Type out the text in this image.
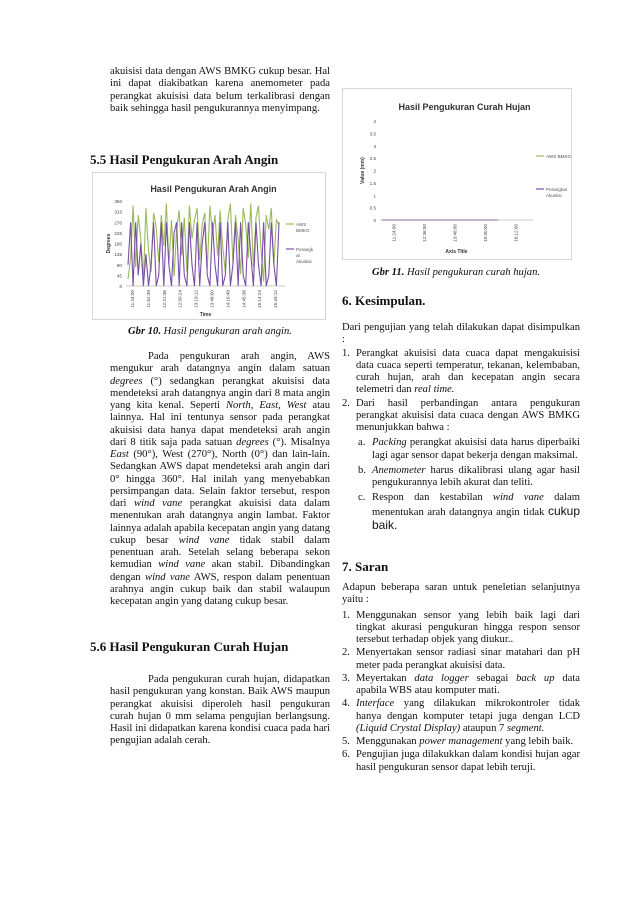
akuisisi data dengan AWS BMKG cukup besar. Hal ini dapat diakibatkan karena anemometer pada perangkat akuisisi data belum terkalibrasi dengan baik sehingga hasil pengukurannya menyimpang.

5.5 Hasil Pengukuran Arah Angin
Hasil Pengukuran Arah Angin
0
45
90
135
180
225
270
315
360
11:24:00 11:52:48 12:21:36 12:50:24 13:19:12 13:48:00 14:16:48 14:45:36 15:14:24 15:43:12
Time
Degrees
AWS
BMKG
Perangk
at
Akuisisi
Gbr 10. Hasil pengukuran arah angin.

Pada pengukuran arah angin, AWS mengukur arah datangnya angin dalam satuan degrees (°) sedangkan perangkat akuisisi data mendeteksi arah datangnya angin dari 8 mata angin yang kita kenal. Seperti North, East, West atau lainnya. Hal ini tentunya sensor pada perangkat akuisisi data hanya dapat mendeteksi arah angin dari 8 titik saja pada satuan degrees (°). Misalnya East (90°), West (270°), North (0°) dan lain-lain. Sedangkan AWS dapat mendeteksi arah angin dari 0° hingga 360°. Hal inilah yang menyebabkan persimpangan data. Selain faktor tersebut, respon dari wind vane perangkat akuisisi data dalam menentukan arah datangnya angin lambat. Faktor lainnya adalah apabila kecepatan angin yang datang cukup besar wind vane tidak stabil dalam penentuan arah. Setelah selang beberapa sekon kemudian wind vane akan stabil. Dibandingkan dengan wind vane AWS, respon dalam penentuan arahnya angin cukup baik dan stabil walaupun kecepatan angin yang datang cukup besar.

5.6 Hasil Pengukuran Curah Hujan

Pada pengukuran curah hujan, didapatkan hasil pengukuran yang konstan. Baik AWS maupun perangkat akuisisi diperoleh hasil pengukuran curah hujan 0 mm selama pengujian berlangsung. Hasil ini didapatkan karena kondisi cuaca pada hari pengujian adalah cerah.

Hasil Pengukuran Curah Hujan
0
0.5
1
1.5
2
2.5
3
3.5
4
11:24:00	12:36:00	13:48:00	15:00:00	16:12:00
Axis Title
Value (mm)
AWS BMKG
Perangkat
Akuisisi
Gbr 11. Hasil pengukuran curah hujan.
6. Kesimpulan.

Dari pengujian yang telah dilakukan dapat disimpulkan :

1. Perangkat akuisisi data cuaca dapat mengakuisisi data cuaca seperti temperatur, tekanan, kelembaban, curah hujan, arah dan kecepatan angin secara telemetri dan real time.
2. Dari hasil perbandingan antara pengukuran perangkat akuisisi data cuaca dengan AWS BMKG menunjukkan bahwa :
a. Packing perangkat akuisisi data harus diperbaiki lagi agar sensor dapat bekerja dengan maksimal.
b. Anemometer harus dikalibrasi ulang agar hasil pengukurannya lebih akurat dan teliti.
c. Respon dan kestabilan wind vane dalam menentukan arah datangnya angin tidak cukup baik.
7. Saran

Adapun beberapa saran untuk peneletian selanjutnya yaitu :

1. Menggunakan sensor yang lebih baik lagi dari tingkat akurasi pengukuran hingga respon sensor tersebut terhadap objek yang diukur..
2. Menyertakan sensor radiasi sinar matahari dan pH meter pada perangkat akuisisi data.
3. Meyertakan data logger sebagai back up data apabila WBS atau komputer mati.
4. Interface yang dilakukan mikrokontroler tidak hanya dengan komputer tetapi juga dengan LCD (Liquid Crystal Display) ataupun 7 segment.
5. Menggunakan power management yang lebih baik.
6. Pengujian juga dilakukkan dalam kondisi hujan agar hasil pengukuran sensor dapat lebih teruji.
